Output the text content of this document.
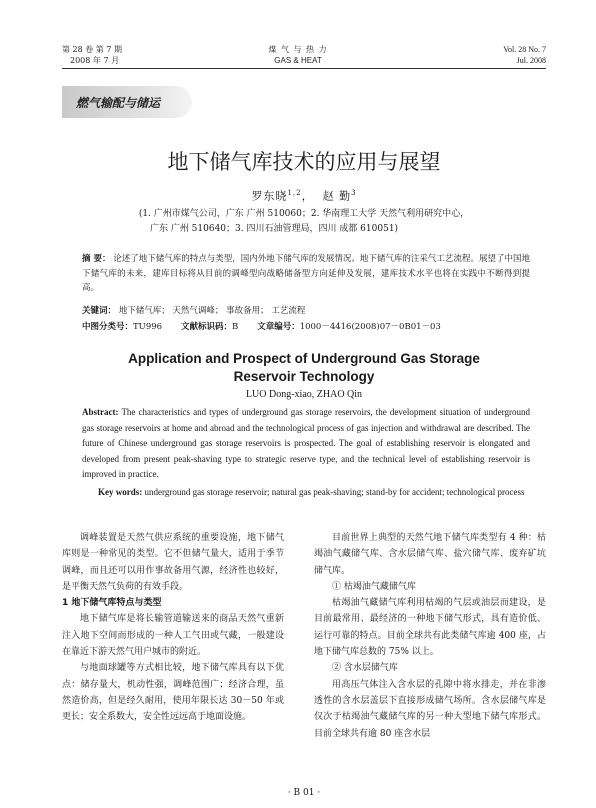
第 28 卷 第 7 期
2008 年 7 月
煤 气 与 热 力
GAS & HEAT
Vol. 28 No. 7
Jul. 2008
燃气输配与储运
地下储气库技术的应用与展望
罗东晓$^{1,2}$， 赵 勤$^3$
(1. 广州市煤气公司，广东 广州 510060；2. 华南理工大学 天然气利用研究中心，
广东 广州 510640；3. 四川石油管理局，四川 成都 610051)
摘 要： 论述了地下储气库的特点与类型，国内外地下储气库的发展情况、地下储气库的注采气工艺流程。展望了中国地下储气库的未来，建库目标将从目前的调峰型向战略储备型方向延伸及发展，建库技术水平也将在实践中不断得到提高。
关键词： 地下储气库； 天然气调峰； 事故备用； 工艺流程
中图分类号：TU996 文献标识码：B 文章编号：1000－4416(2008)07－0B01－03
Application and Prospect of Underground Gas Storage
Reservoir Technology
LUO Dong-xiao, ZHAO Qin
Abstract: The characteristics and types of underground gas storage reservoirs, the development situation of underground gas storage reservoirs at home and abroad and the technological process of gas injection and withdrawal are described. The future of Chinese underground gas storage reservoirs is prospected. The goal of establishing reservoir is elongated and developed from present peak-shaving type to strategic reserve type, and the technical level of establishing reservoir is improved in practice.
Key words: underground gas storage reservoir; natural gas peak-shaving; stand-by for accident; technological process

调峰装置是天然气供应系统的重要设施，地下储气库则是一种常见的类型。它不但储气量大，适用于季节调峰，而且还可以用作事故备用气源，经济性也较好，是平衡天然气负荷的有效手段。

1 地下储气库特点与类型

地下储气库是将长输管道输送来的商品天然气重新注入地下空间而形成的一种人工气田或气藏，一般建设在靠近下游天然气用户城市的附近。

与地面球罐等方式相比较，地下储气库具有以下优点：储存量大，机动性强，调峰范围广；经济合理，虽然造价高，但是经久耐用，使用年限长达 30－50 年或更长；安全系数大，安全性远远高于地面设施。

目前世界上典型的天然气地下储气库类型有 4 种：枯竭油气藏储气库、含水层储气库、盐穴储气库、废弃矿坑储气库。

① 枯竭油气藏储气库

枯竭油气藏储气库利用枯竭的气层或油层而建设，是目前最常用、最经济的一种地下储气形式，具有造价低、运行可靠的特点。目前全球共有此类储气库逾 400 座，占地下储气库总数的 75% 以上。

② 含水层储气库

用高压气体注入含水层的孔隙中将水排走，并在非渗透性的含水层盖层下直接形成储气场所。含水层储气库是仅次于枯竭油气藏储气库的另一种大型地下储气库形式。目前全球共有逾 80 座含水层

· B 01 ·
